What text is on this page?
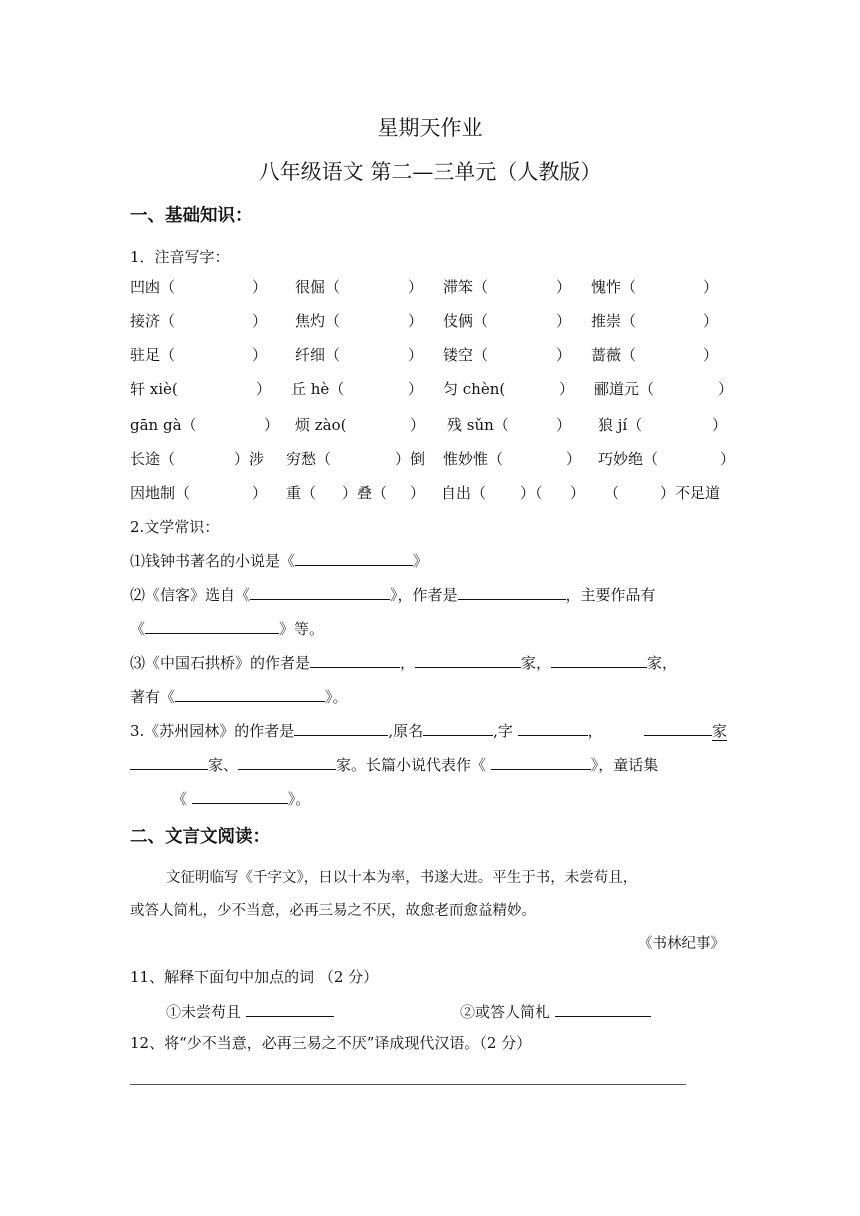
星期天作业
八年级语文 第二—三单元（人教版）
一、基础知识：
1．注音写字：
凹凼（	） 很倔（	） 滞笨（	） 愧怍（	）
接济（	） 焦灼（	） 伎俩（	） 推崇（	）
驻足（	） 纤细（	） 镂空（	） 蔷薇（	）
轩 xiè(	） 丘 hè（	） 匀 chèn(	） 郦道元（	）
gān gà（	） 烦 zào(	） 残 sǔn（	） 狼 jí（	）
长途（	）涉 穷愁（	）倒 惟妙惟（	） 巧妙绝（	）
因地制（	） 重（ ）叠（ ） 自出（ ）（ ） （	）不足道
2.文学常识：
⑴钱钟书著名的小说是《	》
⑵《信客》选自《	》，作者是	，主要作品有
《	》等。
⑶《中国石拱桥》的作者是	，	家，	家，
著有《	》。
3.《苏州园林》的作者是	,原名	,字	，	家
家、	家。长篇小说代表作《	》，童话集
《	》。
二、文言文阅读：
文征明临写《千字文》，日以十本为率，书遂大进。平生于书，未尝苟且，
或答人简札，少不当意，必再三易之不厌，故愈老而愈益精妙。
《书林纪事》
11、解释下面句中加点的词 （2 分）
①未尝苟且	②或答人简札
12、将“少不当意，必再三易之不厌”译成现代汉语。（2 分）
